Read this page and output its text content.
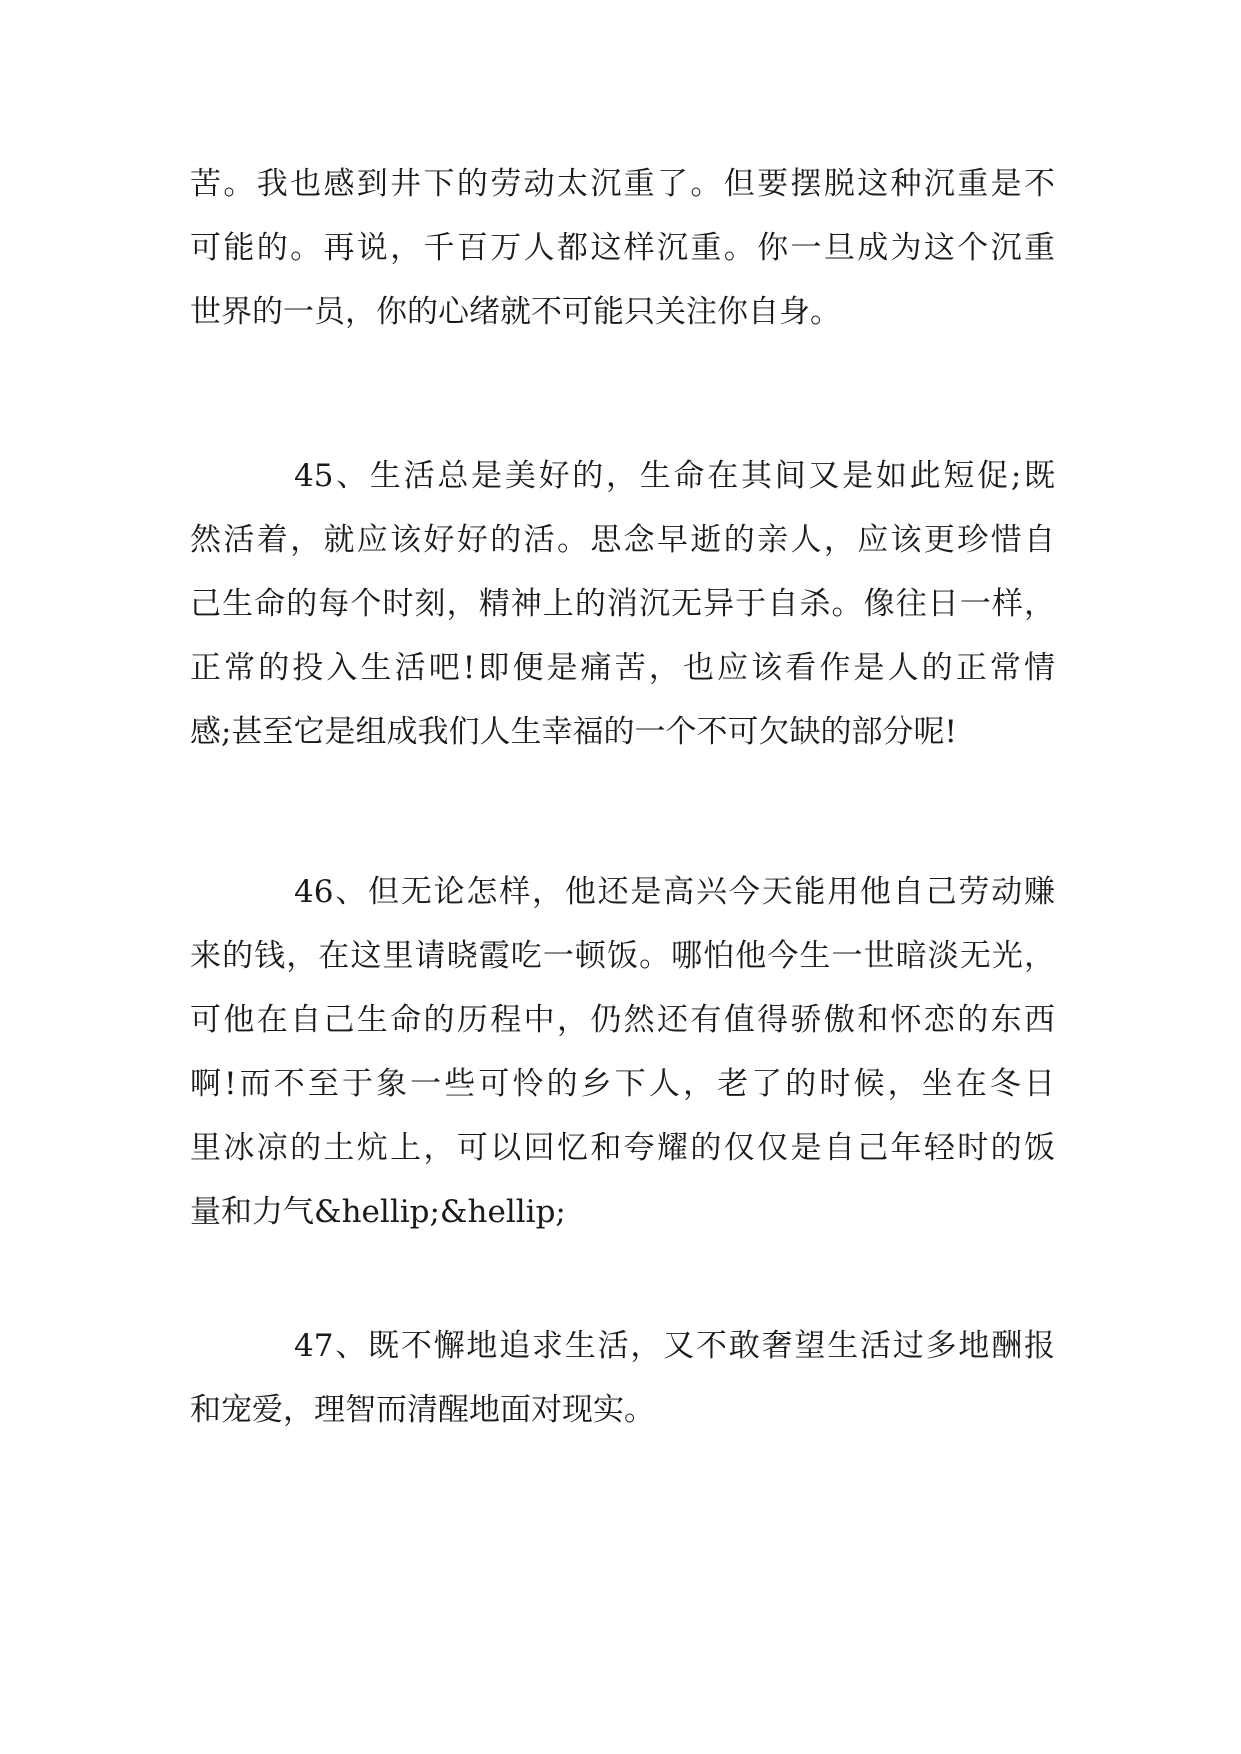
苦。我也感到井下的劳动太沉重了。但要摆脱这种沉重是不
可能的。再说，千百万人都这样沉重。你一旦成为这个沉重
世界的一员，你的心绪就不可能只关注你自身。
45、生活总是美好的，生命在其间又是如此短促;既
然活着，就应该好好的活。思念早逝的亲人，应该更珍惜自
己生命的每个时刻，精神上的消沉无异于自杀。像往日一样，
正常的投入生活吧!即便是痛苦，也应该看作是人的正常情
感;甚至它是组成我们人生幸福的一个不可欠缺的部分呢!
46、但无论怎样，他还是高兴今天能用他自己劳动赚
来的钱，在这里请晓霞吃一顿饭。哪怕他今生一世暗淡无光，
可他在自己生命的历程中，仍然还有值得骄傲和怀恋的东西
啊!而不至于象一些可怜的乡下人，老了的时候，坐在冬日
里冰凉的土炕上，可以回忆和夸耀的仅仅是自己年轻时的饭
量和力气&hellip;&hellip;
47、既不懈地追求生活，又不敢奢望生活过多地酬报
和宠爱，理智而清醒地面对现实。
